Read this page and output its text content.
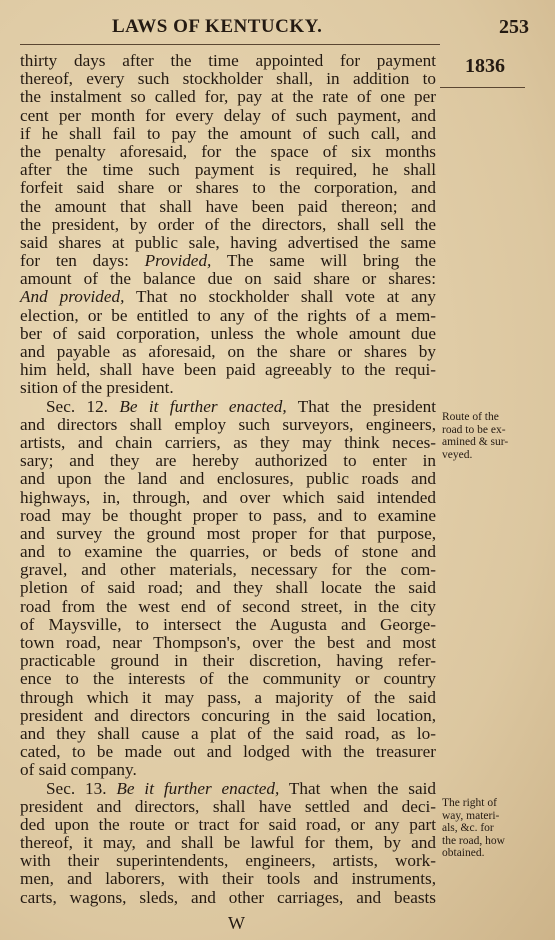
LAWS OF KENTUCKY.	253
1836
thirty days after the time appointed for payment
thereof, every such stockholder shall, in addition to
the instalment so called for, pay at the rate of one per
cent per month for every delay of such payment, and
if he shall fail to pay the amount of such call, and
the penalty aforesaid, for the space of six months
after the time such payment is required, he shall
forfeit said share or shares to the corporation, and
the amount that shall have been paid thereon; and
the president, by order of the directors, shall sell the
said shares at public sale, having advertised the same
for ten days: Provided, The same will bring the
amount of the balance due on said share or shares:
And provided, That no stockholder shall vote at any
election, or be entitled to any of the rights of a mem-
ber of said corporation, unless the whole amount due
and payable as aforesaid, on the share or shares by
him held, shall have been paid agreeably to the requi-
sition of the president.
Sec. 12. Be it further enacted, That the president
and directors shall employ such surveyors, engineers,
artists, and chain carriers, as they may think neces-
sary; and they are hereby authorized to enter in
and upon the land and enclosures, public roads and
highways, in, through, and over which said intended
road may be thought proper to pass, and to examine
and survey the ground most proper for that purpose,
and to examine the quarries, or beds of stone and
gravel, and other materials, necessary for the com-
pletion of said road; and they shall locate the said
road from the west end of second street, in the city
of Maysville, to intersect the Augusta and George-
town road, near Thompson's, over the best and most
practicable ground in their discretion, having refer-
ence to the interests of the community or country
through which it may pass, a majority of the said
president and directors concuring in the said location,
and they shall cause a plat of the said road, as lo-
cated, to be made out and lodged with the treasurer
of said company.
Sec. 13. Be it further enacted, That when the said
president and directors, shall have settled and deci-
ded upon the route or tract for said road, or any part
thereof, it may, and shall be lawful for them, by and
with their superintendents, engineers, artists, work-
men, and laborers, with their tools and instruments,
carts, wagons, sleds, and other carriages, and beasts
Route of the
road to be ex-
amined & sur-
veyed.
The right of
way, materi-
als, &c. for
the road, how
obtained.
W
